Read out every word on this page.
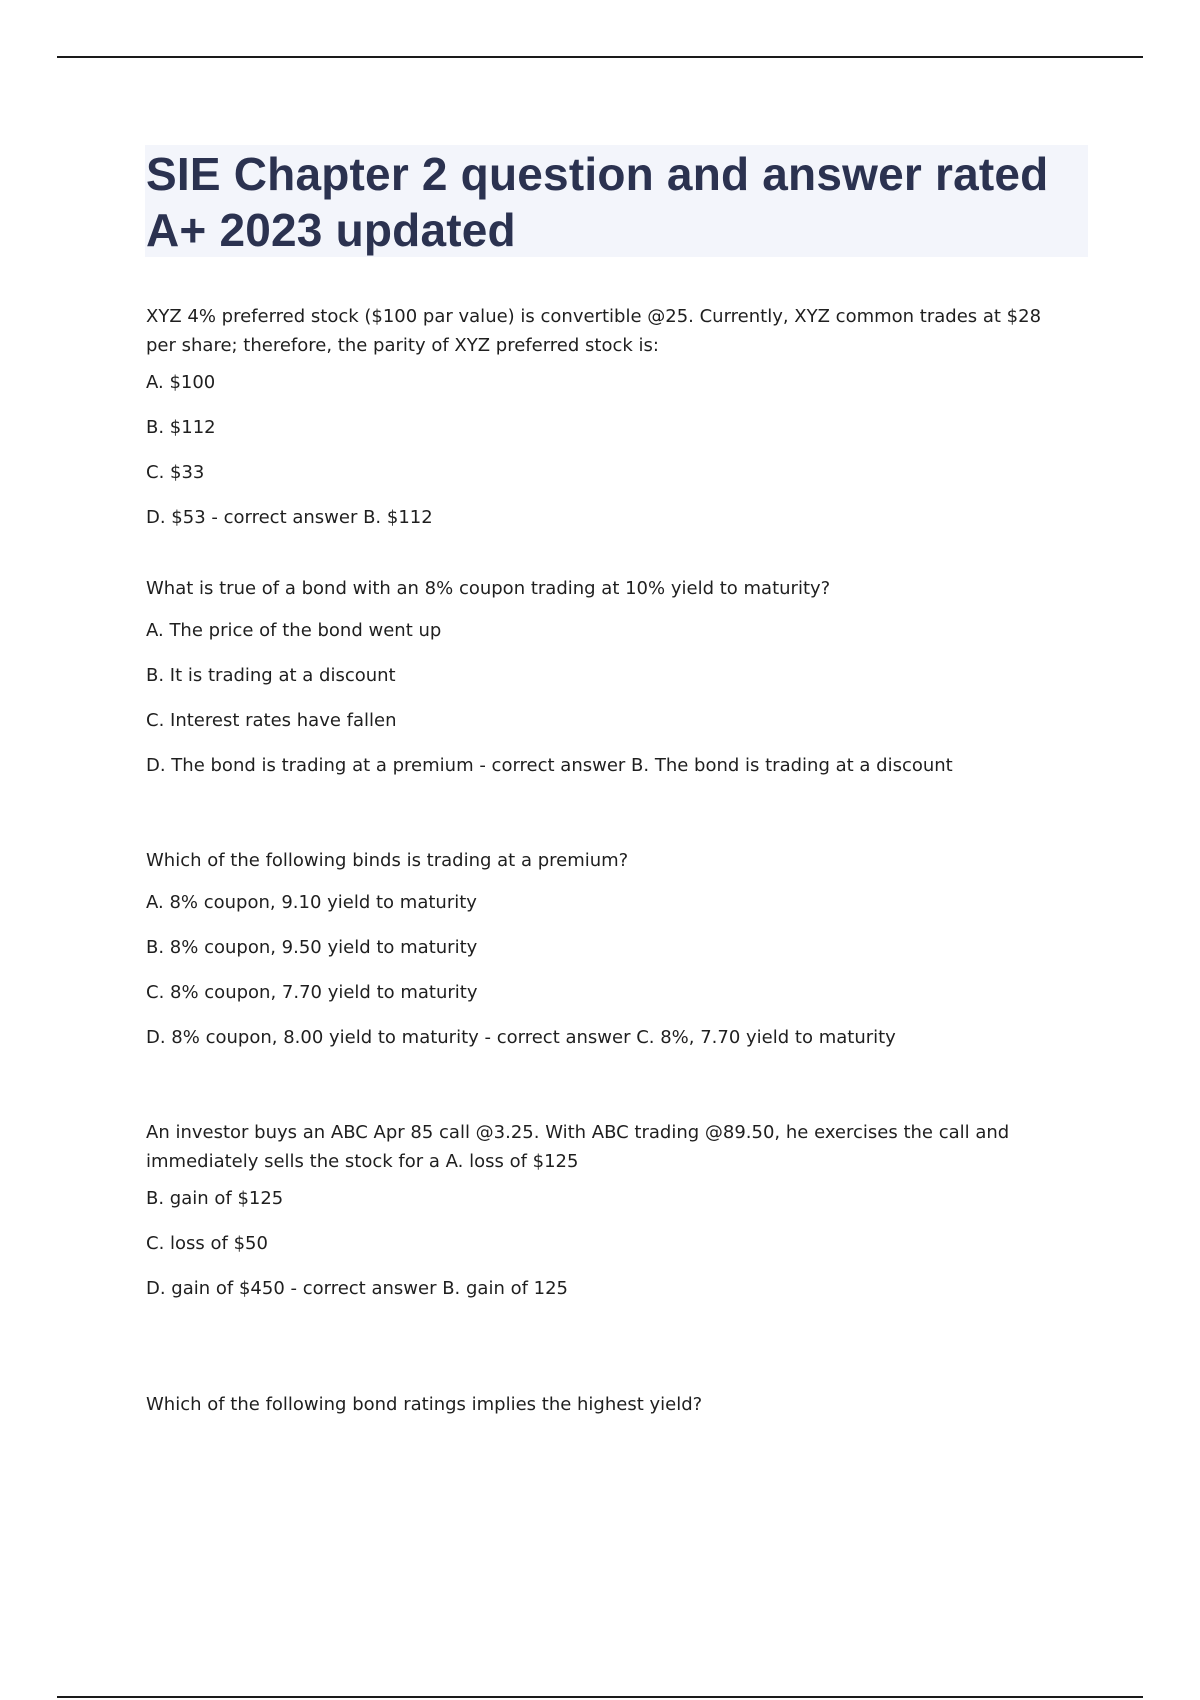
SIE Chapter 2 question and answer rated A+ 2023 updated

XYZ 4% preferred stock ($100 par value) is convertible @25. Currently, XYZ common trades at $28 per share; therefore, the parity of XYZ preferred stock is:

A. $100

B. $112

C. $33

D. $53 - correct answer B. $112

What is true of a bond with an 8% coupon trading at 10% yield to maturity?

A. The price of the bond went up

B. It is trading at a discount

C. Interest rates have fallen

D. The bond is trading at a premium - correct answer B. The bond is trading at a discount

Which of the following binds is trading at a premium?

A. 8% coupon, 9.10 yield to maturity

B. 8% coupon, 9.50 yield to maturity

C. 8% coupon, 7.70 yield to maturity

D. 8% coupon, 8.00 yield to maturity - correct answer C. 8%, 7.70 yield to maturity

An investor buys an ABC Apr 85 call @3.25. With ABC trading @89.50, he exercises the call and immediately sells the stock for a A. loss of $125

B. gain of $125

C. loss of $50

D. gain of $450 - correct answer B. gain of 125

Which of the following bond ratings implies the highest yield?
